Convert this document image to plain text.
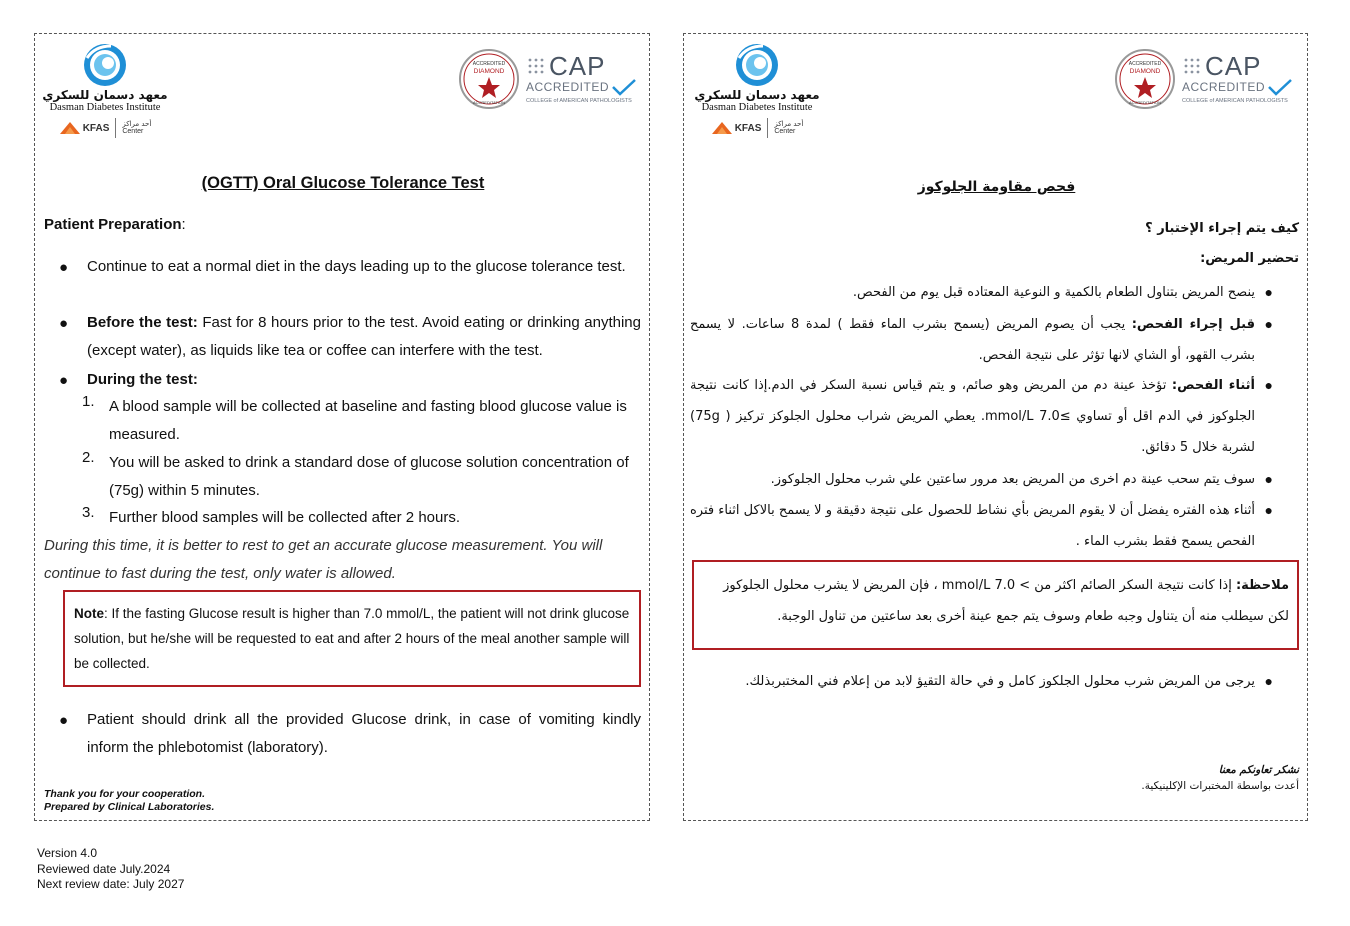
معهد دسمان للسكري
Dasman Diabetes Institute
KFAS أحد مراكز
Center
ACCREDITED
DIAMOND
ACCREDITATION
CAP
ACCREDITED
COLLEGE of AMERICAN PATHOLOGISTS
(OGTT) Oral Glucose Tolerance Test
Patient Preparation:
● Continue to eat a normal diet in the days leading up to the glucose tolerance test.
● Before the test: Fast for 8 hours prior to the test. Avoid eating or drinking anything (except water), as liquids like tea or coffee can interfere with the test.
● During the test:
1. A blood sample will be collected at baseline and fasting blood glucose value is measured.
2. You will be asked to drink a standard dose of glucose solution concentration of (75g) within 5 minutes.
3. Further blood samples will be collected after 2 hours.
During this time, it is better to rest to get an accurate glucose measurement. You will continue to fast during the test, only water is allowed.
Note: If the fasting Glucose result is higher than 7.0 mmol/L, the patient will not drink glucose solution, but he/she will be requested to eat and after 2 hours of the meal another sample will be collected.
● Patient should drink all the provided Glucose drink, in case of vomiting kindly inform the phlebotomist (laboratory).
Thank you for your cooperation.
Prepared by Clinical Laboratories.
معهد دسمان للسكري
Dasman Diabetes Institute
KFAS أحد مراكز
Center
ACCREDITED
DIAMOND
ACCREDITATION
CAP
ACCREDITED
COLLEGE of AMERICAN PATHOLOGISTS
فحص مقاومة الجلوكوز
كيف يتم إجراء الإختبار ؟
تحضير المريض:
●
ينصح المريض بتناول الطعام بالكمية و النوعية المعتاده قبل يوم من الفحص.
●
قبل إجراء الفحص: يجب أن يصوم المريض (يسمح بشرب الماء فقط ) لمدة 8 ساعات. لا يسمح بشرب القهو، أو الشاي لانها تؤثر على نتيجة الفحص.
●
أثناء الفحص: تؤخذ عينة دم من المريض وهو صائم، و يتم قياس نسبة السكر في الدم.إذا كانت نتيجة الجلوكوز في الدم اقل أو تساوي ≥7.0 mmol/L. يعطي المريض شراب محلول الجلوكز تركيز ( 75g) لشربة خلال 5 دقائق.
●
سوف يتم سحب عينة دم اخرى من المريض بعد مرور ساعتين علي شرب محلول الجلوكوز.
●
أثناء هذه الفتره يفضل أن لا يقوم المريض بأي نشاط للحصول على نتيجة دقيقة و لا يسمح بالاكل اثناء فتره الفحص يسمح فقط بشرب الماء .
ملاحظة: إذا كانت نتيجة السكر الصائم اكثر من > 7.0 mmol/L ، فإن المريض لا يشرب محلول الجلوكوز لكن سيطلب منه أن يتناول وجبه طعام وسوف يتم جمع عينة أخرى بعد ساعتين من تناول الوجبة.
●
يرجى من المريض شرب محلول الجلكوز كامل و في حالة التقيؤ لابد من إعلام فني المختبربذلك.
نشكر تعاونكم معنا
أعدت بواسطة المختبرات الإكلينيكية.
Version 4.0
Reviewed date July.2024
Next review date: July 2027
